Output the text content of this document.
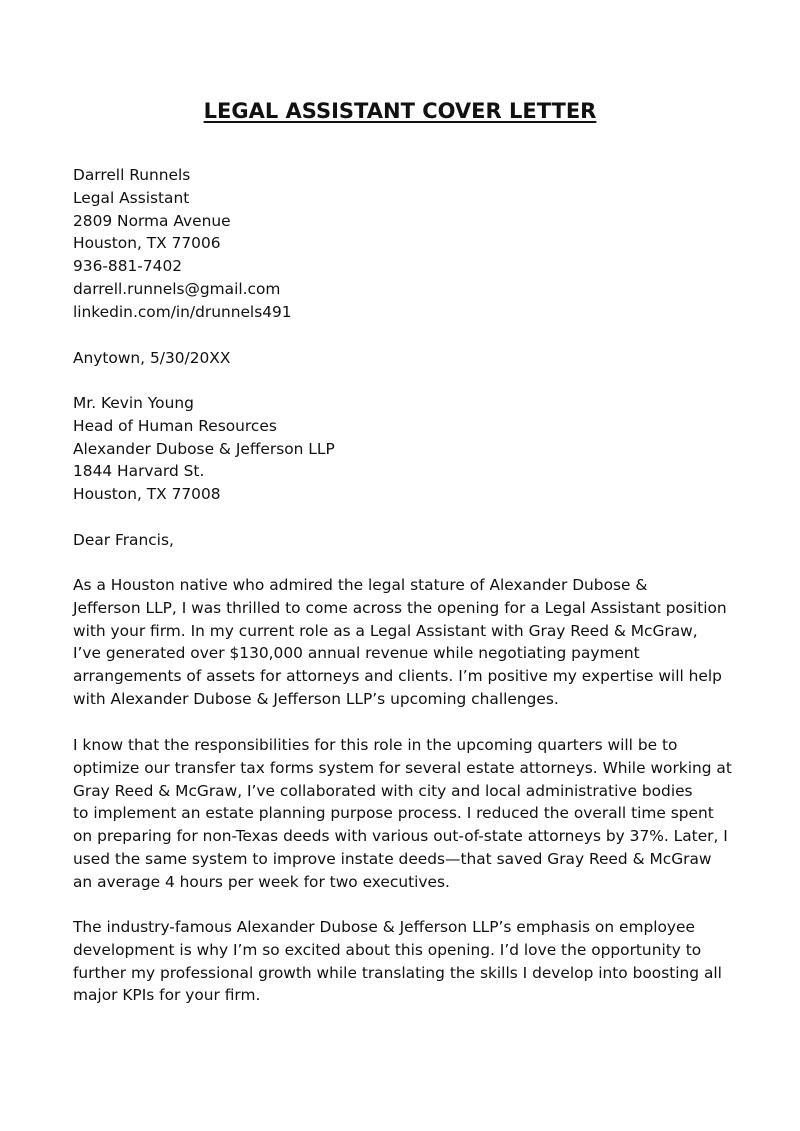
LEGAL ASSISTANT COVER LETTER
Darrell Runnels
Legal Assistant
2809 Norma Avenue
Houston, TX 77006
936-881-7402
darrell.runnels@gmail.com
linkedin.com/in/drunnels491
Anytown, 5/30/20XX
Mr. Kevin Young
Head of Human Resources
Alexander Dubose & Jefferson LLP
1844 Harvard St.
Houston, TX 77008
Dear Francis,
As a Houston native who admired the legal stature of Alexander Dubose &
Jefferson LLP, I was thrilled to come across the opening for a Legal Assistant position
with your firm. In my current role as a Legal Assistant with Gray Reed & McGraw,
I’ve generated over $130,000 annual revenue while negotiating payment
arrangements of assets for attorneys and clients. I’m positive my expertise will help
with Alexander Dubose & Jefferson LLP’s upcoming challenges.
I know that the responsibilities for this role in the upcoming quarters will be to
optimize our transfer tax forms system for several estate attorneys. While working at
Gray Reed & McGraw, I’ve collaborated with city and local administrative bodies
to implement an estate planning purpose process. I reduced the overall time spent
on preparing for non-Texas deeds with various out-of-state attorneys by 37%. Later, I
used the same system to improve instate deeds—that saved Gray Reed & McGraw
an average 4 hours per week for two executives.
The industry-famous Alexander Dubose & Jefferson LLP’s emphasis on employee
development is why I’m so excited about this opening. I’d love the opportunity to
further my professional growth while translating the skills I develop into boosting all
major KPIs for your firm.
